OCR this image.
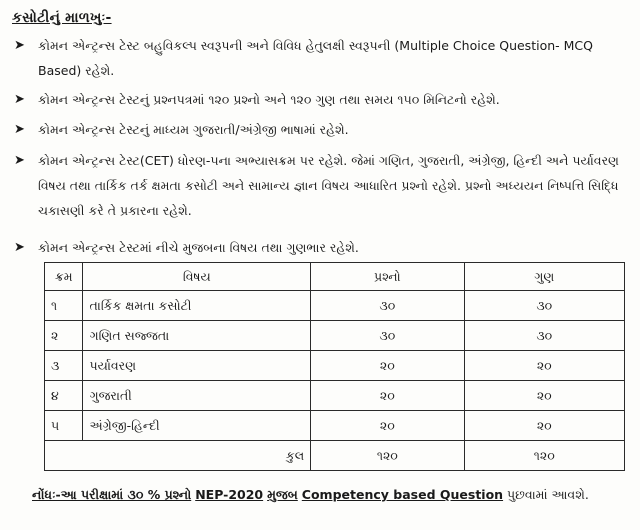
કસોટીનું માળખુઃ-
➤	કોમન એન્ટ્રન્સ ટેસ્ટ બહુવિકલ્પ સ્વરૂપની અને વિવિધ હેતુલક્ષી સ્વરૂપની (Multiple Choice Question- MCQ Based) રહેશે.
➤	કોમન એન્ટ્રન્સ ટેસ્ટનું પ્રશ્નપત્રમાં ૧૨૦ પ્રશ્નો અને ૧૨૦ ગુણ તથા સમય ૧૫૦ મિનિટનો રહેશે.
➤	કોમન એન્ટ્રન્સ ટેસ્ટનું માધ્યમ ગુજરાતી/અંગ્રેજી ભાષામાં રહેશે.
➤	કોમન એન્ટ્રન્સ ટેસ્ટ(CET) ધોરણ-૫ના અભ્યાસક્રમ પર રહેશે. જેમાં ગણિત, ગુજરાતી, અંગ્રેજી, હિન્દી અને પર્યાવરણ વિષય તથા તાર્કિક તર્ક ક્ષમતા કસોટી અને સામાન્ય જ્ઞાન વિષય આધારિત પ્રશ્નો રહેશે. પ્રશ્નો અધ્યયન નિષ્પત્તિ સિદ્ધિ ચકાસણી કરે તે પ્રકારના રહેશે.
➤	કોમન એન્ટ્રન્સ ટેસ્ટમાં નીચે મુજબના વિષય તથા ગુણભાર રહેશે.
ક્રમ	વિષય	પ્રશ્નો	ગુણ
૧	તાર્કિક ક્ષમતા કસોટી	૩૦	૩૦
૨	ગણિત સજ્જતા	૩૦	૩૦
૩	પર્યાવરણ	૨૦	૨૦
૪	ગુજરાતી	૨૦	૨૦
૫	અંગ્રેજી-હિન્દી	૨૦	૨૦
કુલ		૧૨૦	૧૨૦
નોંધઃ-આ પરીક્ષામાં ૩૦ % પ્રશ્નો NEP-2020 મુજબ Competency based Question પુછવામાં આવશે.
